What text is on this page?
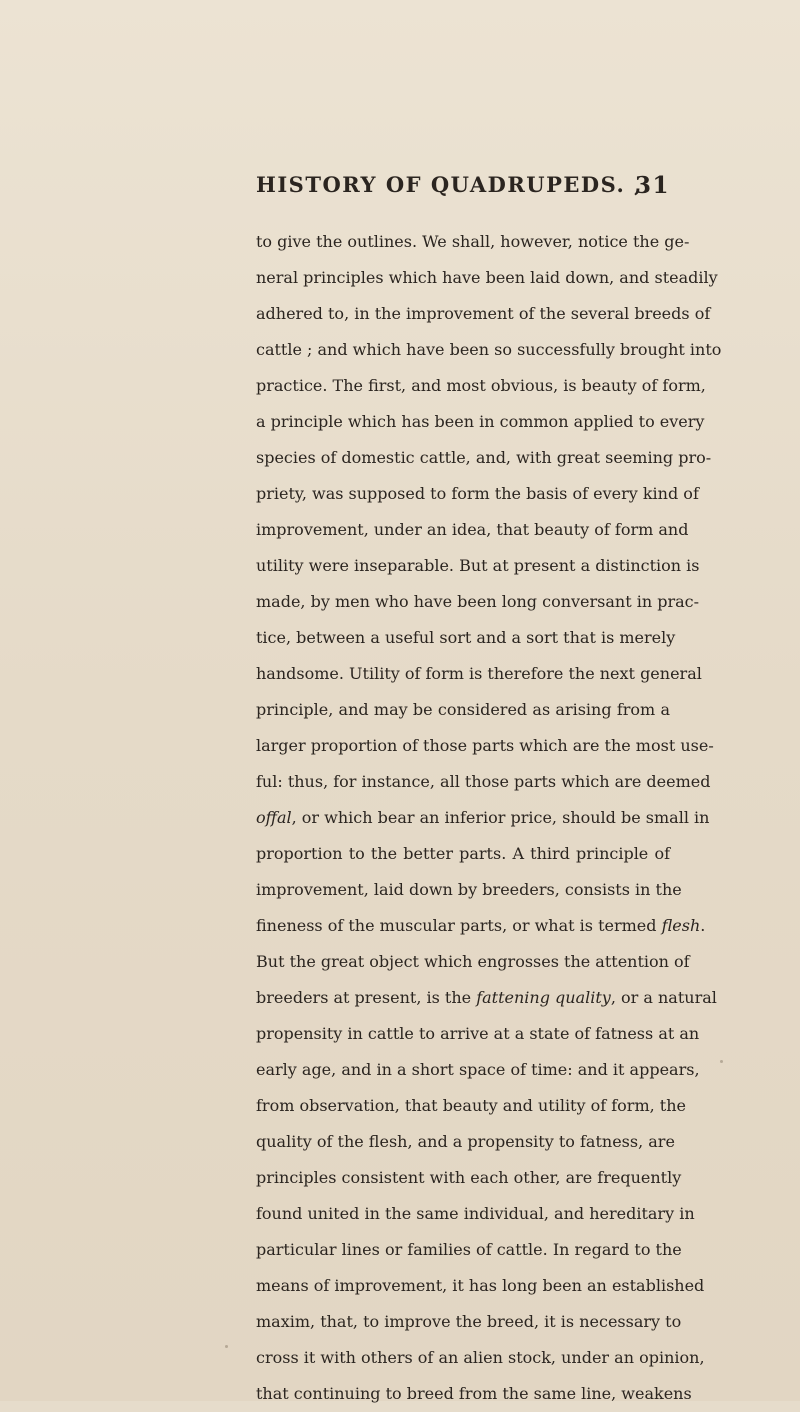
HISTORY OF QUADRUPEDS. ,
31
to give the outlines. We shall, however, notice the ge-
neral principles which have been laid down, and steadily
adhered to, in the improvement of the several breeds of
cattle ; and which have been so successfully brought into
practice. The first, and most obvious, is beauty of form,
a principle which has been in common applied to every
species of domestic cattle, and, with great seeming pro-
priety, was supposed to form the basis of every kind of
improvement, under an idea, that beauty of form and
utility were inseparable. But at present a distinction is
made, by men who have been long conversant in prac-
tice, between a useful sort and a sort that is merely
handsome. Utility of form is therefore the next general
principle, and may be considered as arising from a
larger proportion of those parts which are the most use-
ful: thus, for instance, all those parts which are deemed
offal, or which bear an inferior price, should be small in
proportion to the better parts. A third principle of
improvement, laid down by breeders, consists in the
fineness of the muscular parts, or what is termed flesh.
But the great object which engrosses the attention of
breeders at present, is the fattening quality, or a natural
propensity in cattle to arrive at a state of fatness at an
early age, and in a short space of time: and it appears,
from observation, that beauty and utility of form, the
quality of the flesh, and a propensity to fatness, are
principles consistent with each other, are frequently
found united in the same individual, and hereditary in
particular lines or families of cattle. In regard to the
means of improvement, it has long been an established
maxim, that, to improve the breed, it is necessary to
cross it with others of an alien stock, under an opinion,
that continuing to breed from the same line, weakens
